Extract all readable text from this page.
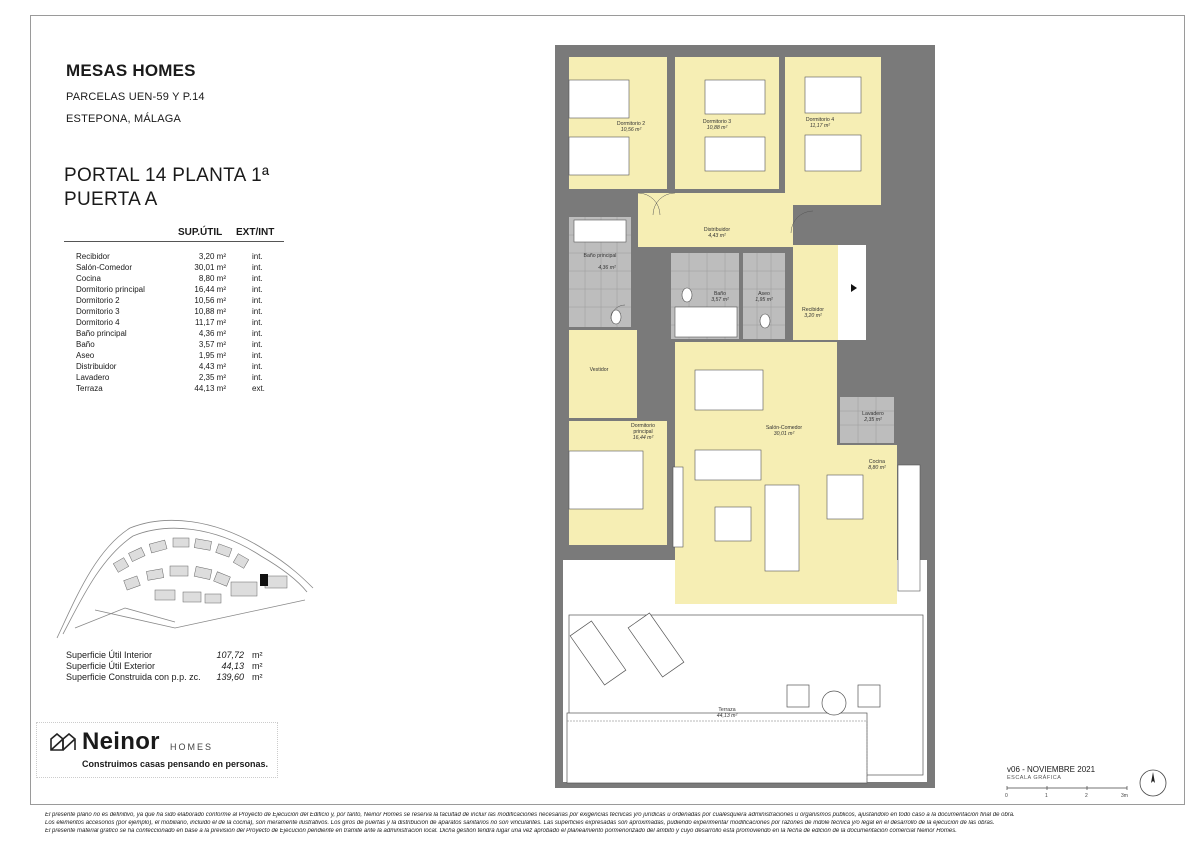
MESAS HOMES
PARCELAS UEN-59 Y P.14
ESTEPONA, MÁLAGA
PORTAL 14 PLANTA 1ª
PUERTA A
SUP.ÚTIL EXT/INT
Recibidor	3,20 m²	int.
Salón-Comedor	30,01 m²	int.
Cocina	8,80 m²	int.
Dormitorio principal	16,44 m²	int.
Dormitorio 2	10,56 m²	int.
Dormitorio 3	10,88 m²	int.
Dormitorio 4	11,17 m²	int.
Baño principal	4,36 m²	int.
Baño	3,57 m²	int.
Aseo	1,95 m²	int.
Distribuidor	4,43 m²	int.
Lavadero	2,35 m²	int.
Terraza	44,13 m²	ext.
Superficie Útil Interior	107,72 m²
Superficie Útil Exterior	44,13 m²
Superficie Construida con p.p. zc.	139,60 m²
Neinor HOMES
Construimos casas pensando en personas.
Dormitorio 2
10,56 m²
Dormitorio 3
10,88 m²
Dormitorio 4
11,17 m²
Distribuidor
4,43 m²
Baño principal
4,36 m²
Baño
3,57 m²
Aseo
1,95 m²
Recibidor
3,20 m²
Vestidor
Dormitorio
principal
16,44 m²
Salón-Comedor
30,01 m²
Lavadero
2,35 m²
Cocina
8,80 m²
Terraza
44,13 m²
v06 - NOVIEMBRE 2021
ESCALA GRÁFICA
0	1	2	3m
El presente plano no es definitivo, ya que ha sido elaborado conforme al Proyecto de Ejecución del Edificio y, por tanto, Neinor Homes se reserva la facultad de incluir las modificaciones necesarias por exigencias técnicas y/o jurídicas u ordenadas por cualesquiera administraciones u organismos públicos, ajustándolo en todo caso a la documentación final de obra.
Los elementos accesorios (por ejemplo), el mobiliario, incluido el de la cocina), son meramente ilustrativos. Los giros de puertas y la distribución de aparatos sanitarios no son vinculantes. Las superficies expresadas son aproximadas, pudiendo experimentar modificaciones por razones de índole técnica y/o legal en el desarrollo de la ejecución de las obras.
El presente material gráfico se ha confeccionado en base a la previsión del Proyecto de Ejecución pendiente en trámite ante la administración local. Dicha gestión tendrá lugar una vez aprobado el planeamiento pormenorizado del ámbito y cuyo desarrollo está promoviendo en la fecha de edición de la documentación comercial Neinor Homes.
